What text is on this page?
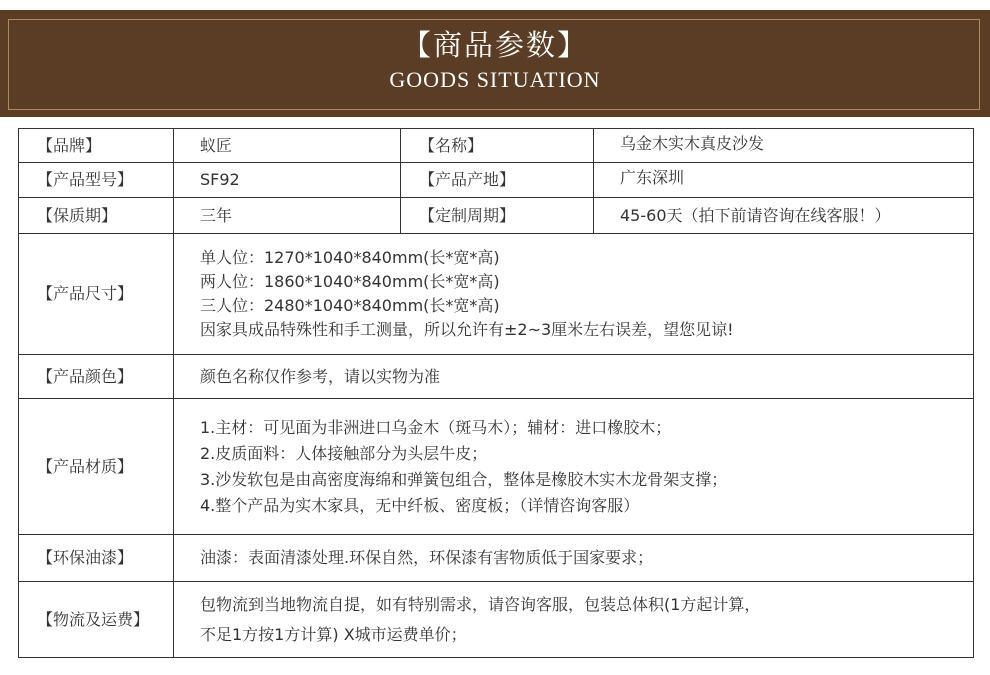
【商品参数】
GOODS SITUATION
【品牌】	蚁匠	【名称】	乌金木实木真皮沙发
【产品型号】	SF92	【产品产地】	广东深圳
【保质期】	三年	【定制周期】	45-60天（拍下前请咨询在线客服！）
【产品尺寸】	单人位：1270*1040*840mm(长*宽*高)
两人位：1860*1040*840mm(长*宽*高)
三人位：2480*1040*840mm(长*宽*高)
因家具成品特殊性和手工测量，所以允许有±2~3厘米左右误差，望您见谅!		

【产品颜色】	颜色名称仅作参考，请以实物为准		
【产品材质】	1.主材：可见面为非洲进口乌金木（斑马木）；辅材：进口橡胶木；
2.皮质面料：人体接触部分为头层牛皮；
3.沙发软包是由高密度海绵和弹簧包组合，整体是橡胶木实木龙骨架支撑；
4.整个产品为实木家具，无中纤板、密度板；（详情咨询客服）		

【环保油漆】	油漆：表面清漆处理.环保自然，环保漆有害物质低于国家要求；		
【物流及运费】	包物流到当地物流自提，如有特别需求，请咨询客服，包装总体积(1方起计算，
不足1方按1方计算) X城市运费单价；		
